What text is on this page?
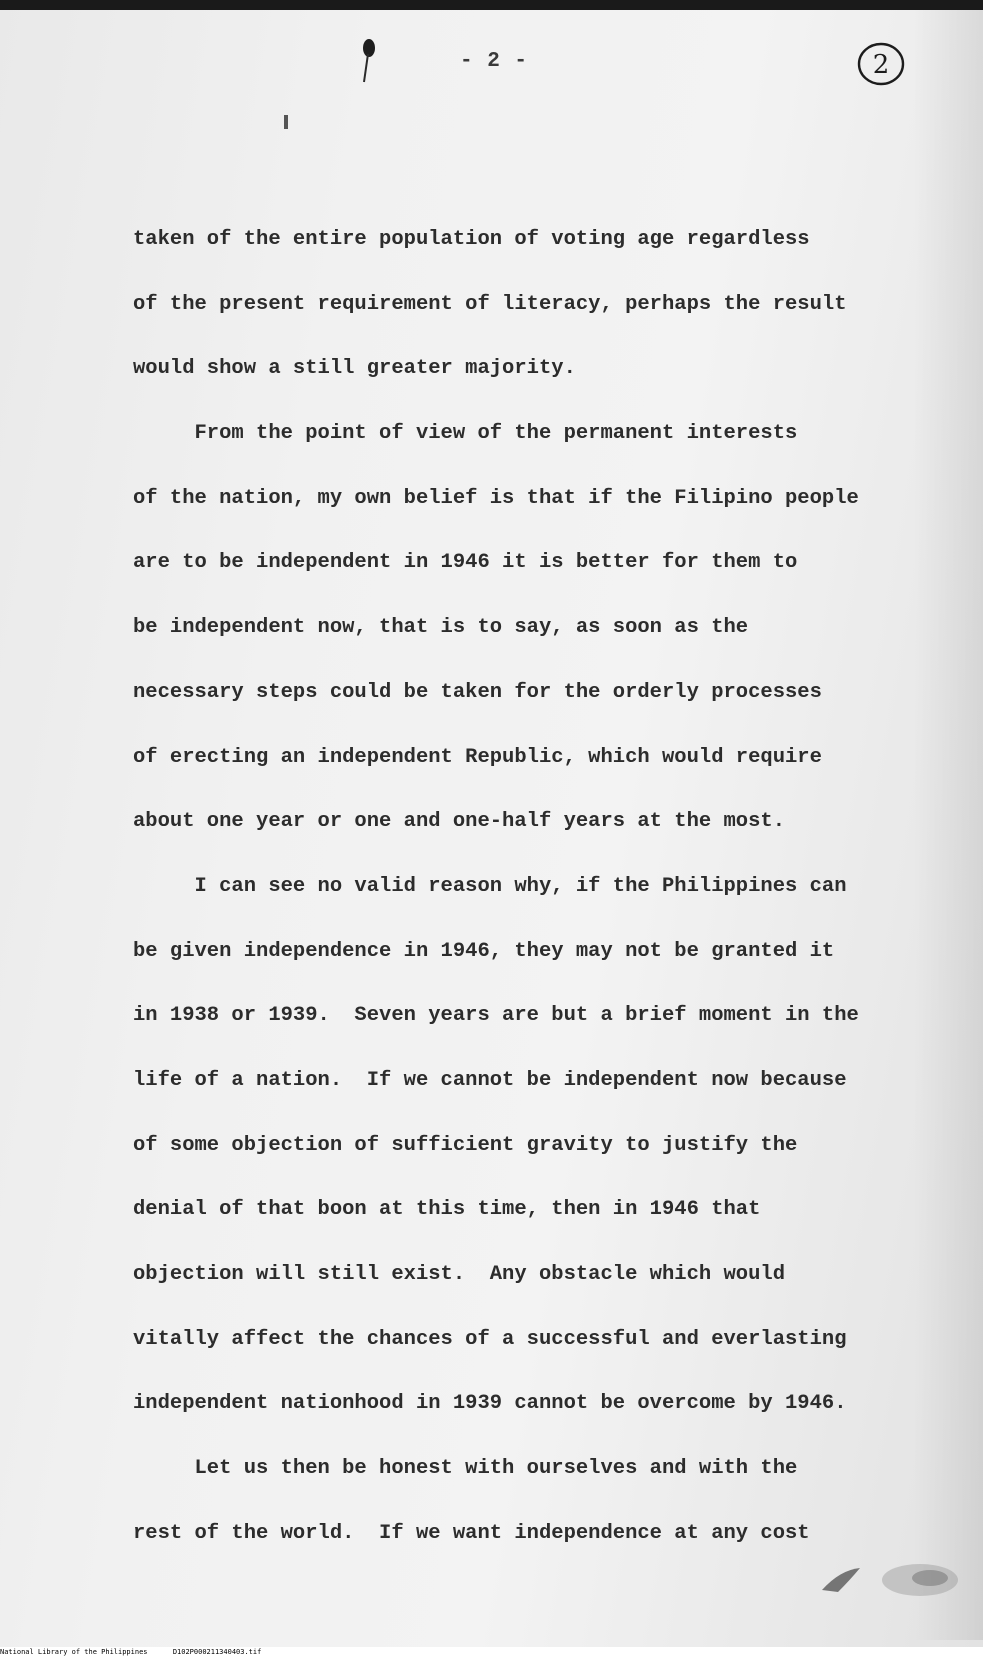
- 2 -	2
taken of the entire population of voting age regardless
of the present requirement of literacy, perhaps the result
would show a still greater majority.
From the point of view of the permanent interests
of the nation, my own belief is that if the Filipino people
are to be independent in 1946 it is better for them to
be independent now, that is to say, as soon as the
necessary steps could be taken for the orderly processes
of erecting an independent Republic, which would require
about one year or one and one-half years at the most.
I can see no valid reason why, if the Philippines can
be given independence in 1946, they may not be granted it
in 1938 or 1939.  Seven years are but a brief moment in the
life of a nation.  If we cannot be independent now because
of some objection of sufficient gravity to justify the
denial of that boon at this time, then in 1946 that
objection will still exist.  Any obstacle which would
vitally affect the chances of a successful and everlasting
independent nationhood in 1939 cannot be overcome by 1946.
Let us then be honest with ourselves and with the
rest of the world.  If we want independence at any cost
National Library of the Philippines	D102P000211340403.tif
